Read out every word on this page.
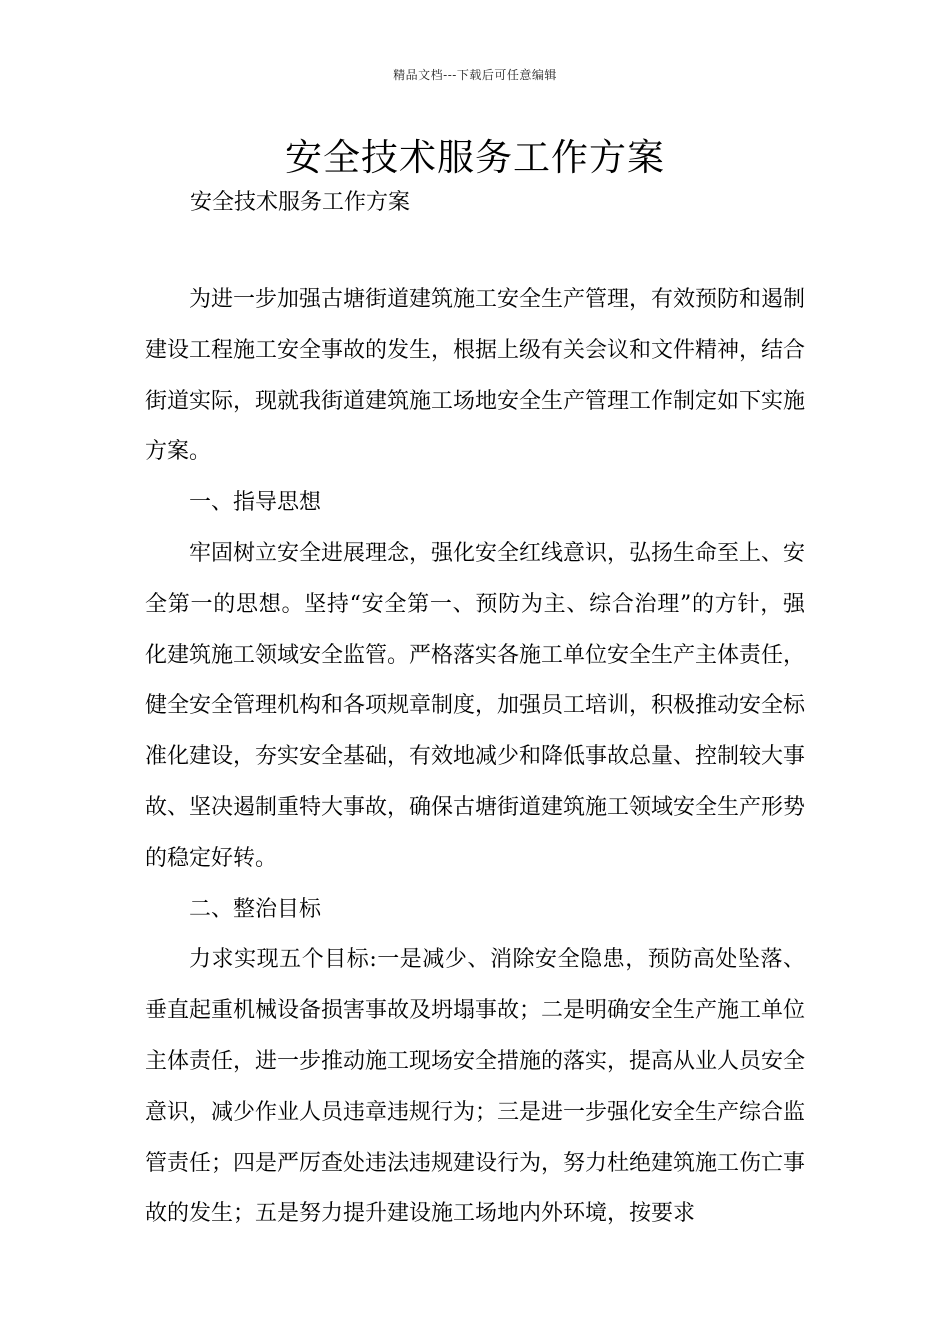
精品文档---下载后可任意编辑
安全技术服务工作方案

安全技术服务工作方案

为进一步加强古塘街道建筑施工安全生产管理，有效预防和遏制建设工程施工安全事故的发生，根据上级有关会议和文件精神，结合街道实际，现就我街道建筑施工场地安全生产管理工作制定如下实施方案。

一、指导思想

牢固树立安全进展理念，强化安全红线意识，弘扬生命至上、安全第一的思想。坚持“安全第一、预防为主、综合治理”的方针，强化建筑施工领域安全监管。严格落实各施工单位安全生产主体责任，健全安全管理机构和各项规章制度，加强员工培训，积极推动安全标准化建设，夯实安全基础，有效地减少和降低事故总量、控制较大事故、坚决遏制重特大事故，确保古塘街道建筑施工领域安全生产形势的稳定好转。

二、整治目标

力求实现五个目标:一是减少、消除安全隐患，预防高处坠落、垂直起重机械设备损害事故及坍塌事故；二是明确安全生产施工单位主体责任，进一步推动施工现场安全措施的落实，提高从业人员安全意识，减少作业人员违章违规行为；三是进一步强化安全生产综合监管责任；四是严厉查处违法违规建设行为，努力杜绝建筑施工伤亡事故的发生；五是努力提升建设施工场地内外环境，按要求
